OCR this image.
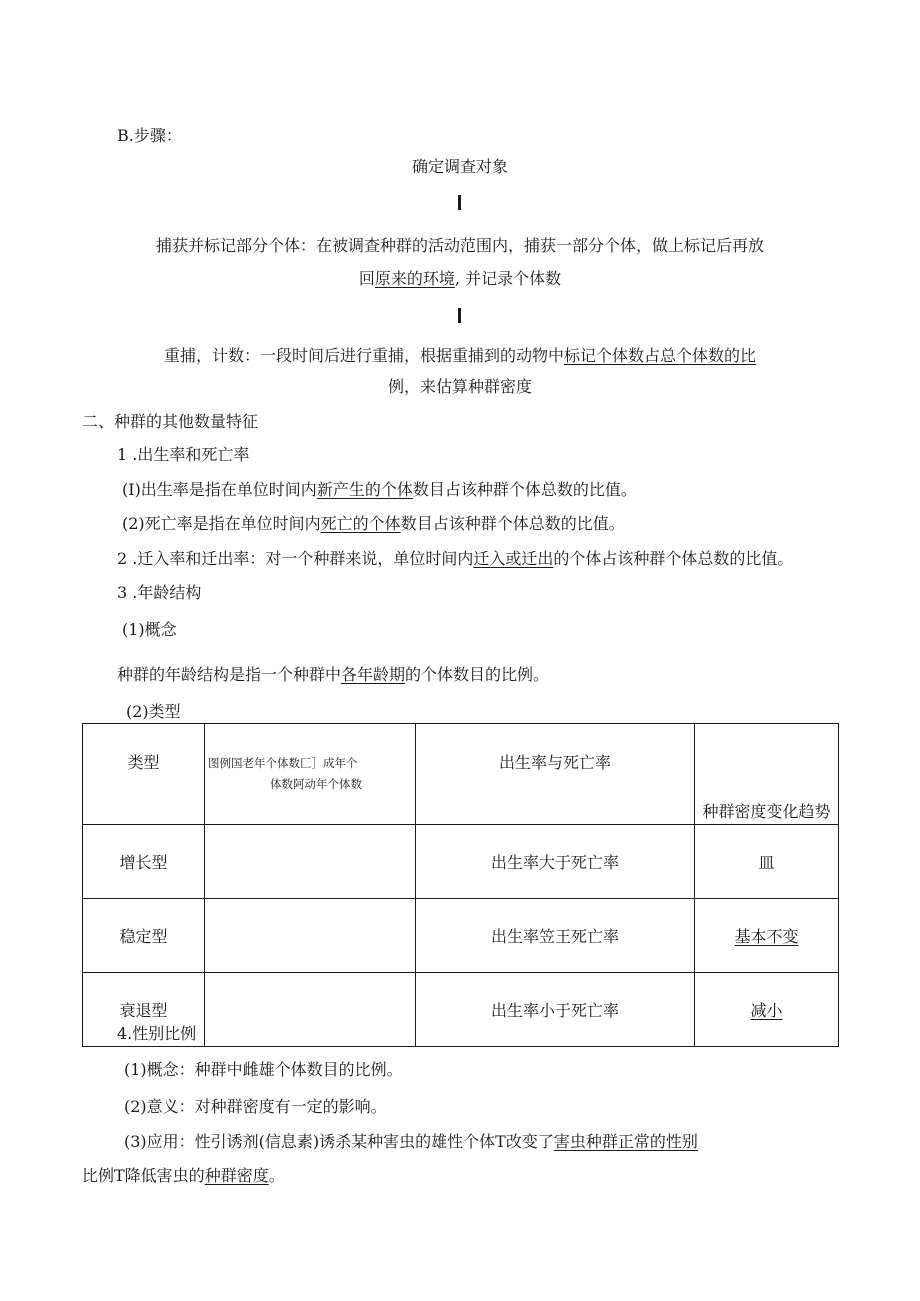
B.步骤：
确定调查对象
捕获并标记部分个体：在被调查种群的活动范围内，捕获一部分个体，做上标记后再放
回原来的环境, 并记录个体数
重捕，计数：一段时间后进行重捕，根据重捕到的动物中标记个体数占总个体数的比
例，来估算种群密度
二、种群的其他数量特征
1 .出生率和死亡率
(I)出生率是指在单位时间内新产生的个体数目占该种群个体总数的比值。
(2)死亡率是指在单位时间内死亡的个体数目占该种群个体总数的比值。
2 .迁入率和迁出率：对一个种群来说，单位时间内迁入或迁出的个体占该种群个体总数的比值。
3 .年龄结构
(1)概念
种群的年龄结构是指一个种群中各年龄期的个体数目的比例。
(2)类型
类型	图例国老年个体数匚］成年个
体数阿动年个体数	出生率与死亡率	种群密度变化趋势
增长型		出生率大于死亡率	皿
稳定型		出生率笠王死亡率	基本不变
衰退型		出生率小于死亡率	减小
4.性别比例
(1)概念：种群中雌雄个体数目的比例。
(2)意义：对种群密度有一定的影响。
(3)应用：性引诱剂(信息素)诱杀某种害虫的雄性个体T改变了害虫种群正常的性别
比例T降低害虫的种群密度。
